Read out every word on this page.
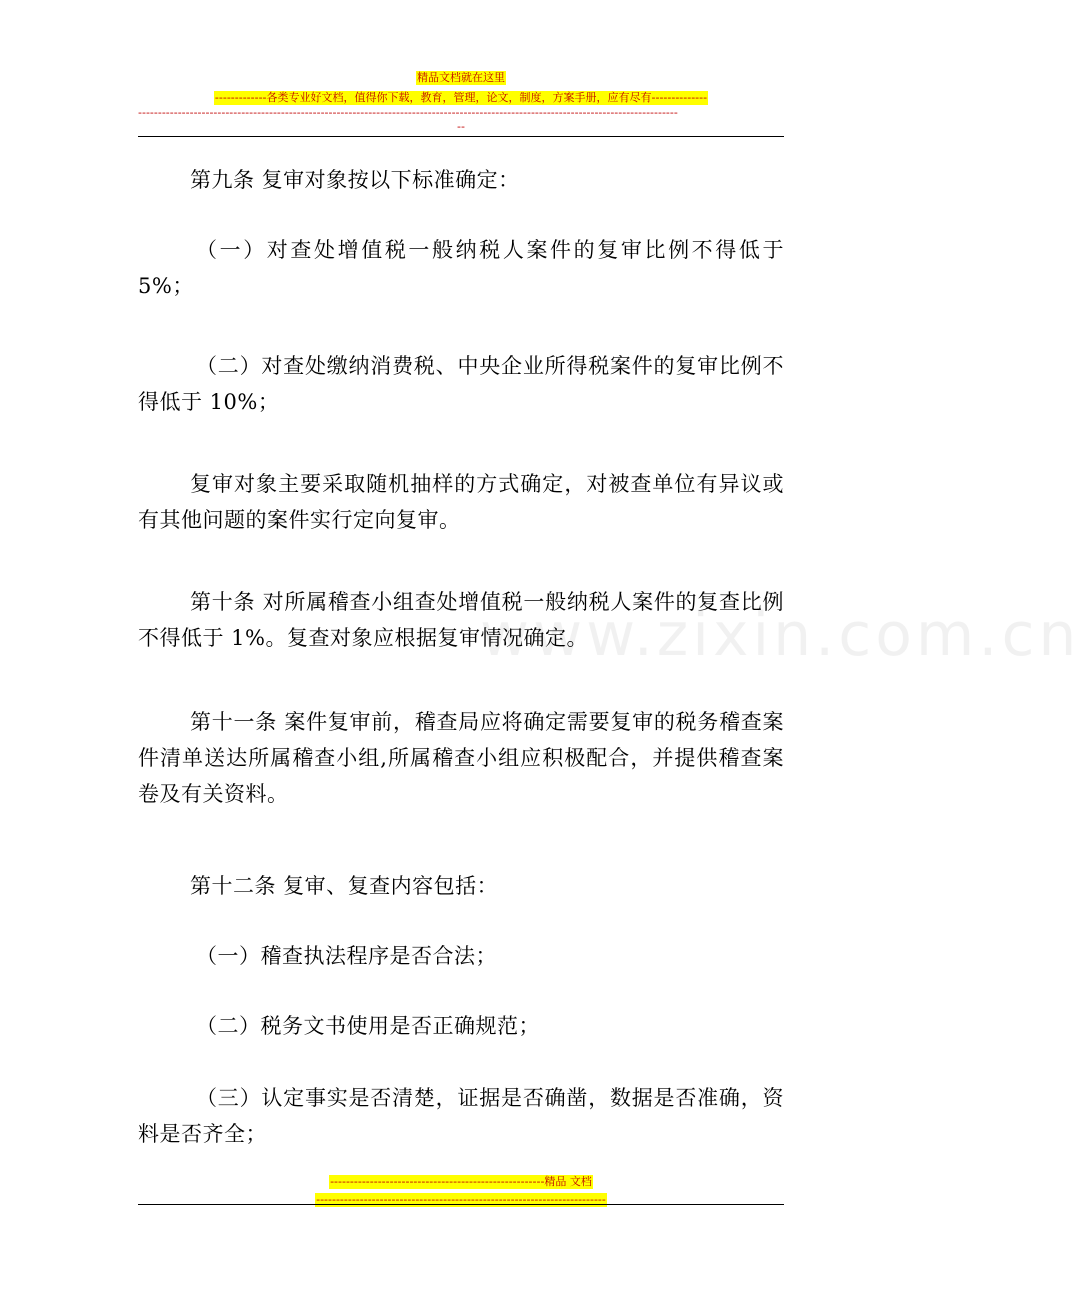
精品文档就在这里
-------------各类专业好文档，值得你下载，教育，管理，论文，制度，方案手册，应有尽有--------------
----------------------------------------------------------------------------------------------------------------------------------------
--
www.zixin.com.cn

第九条 复审对象按以下标准确定：

（一）对查处增值税一般纳税人案件的复审比例不得低于 5%；

（二）对查处缴纳消费税、中央企业所得税案件的复审比例不得低于 10%；

复审对象主要采取随机抽样的方式确定，对被查单位有异议或有其他问题的案件实行定向复审。

第十条 对所属稽查小组查处增值税一般纳税人案件的复查比例不得低于 1%。复查对象应根据复审情况确定。

第十一条 案件复审前，稽查局应将确定需要复审的税务稽查案件清单送达所属稽查小组,所属稽查小组应积极配合，并提供稽查案卷及有关资料。

第十二条 复审、复查内容包括：

（一）稽查执法程序是否合法；

（二）税务文书使用是否正确规范；

（三）认定事实是否清楚，证据是否确凿，数据是否准确，资料是否齐全；

------------------------------------------------------精品 文档
-------------------------------------------------------------------------
